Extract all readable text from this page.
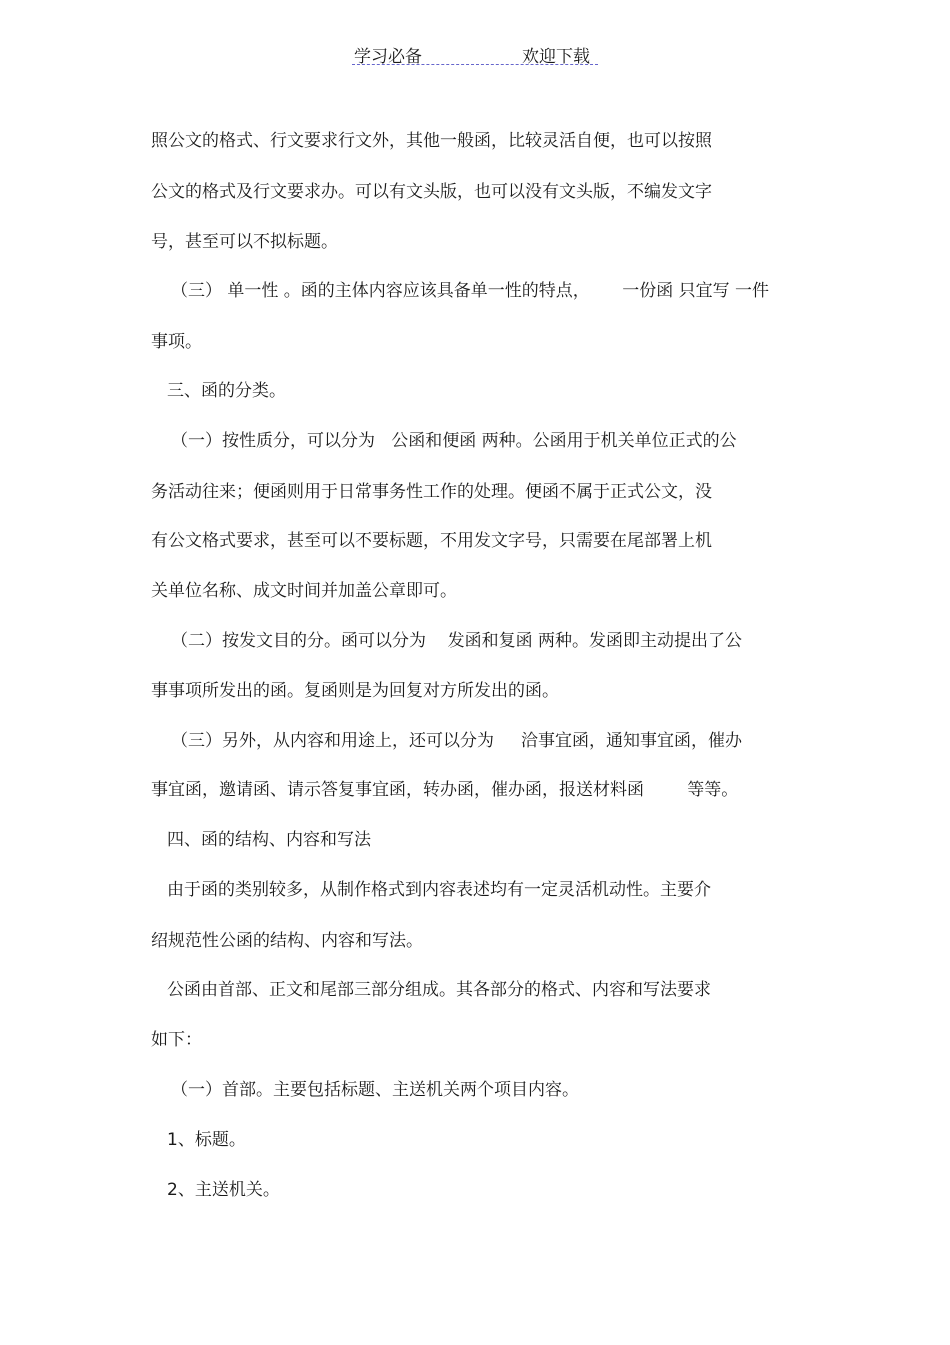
学习必备	欢迎下载
照公文的格式、行文要求行文外，其他一般函，比较灵活自便，也可以按照
公文的格式及行文要求办。可以有文头版，也可以没有文头版，不编发文字
号，甚至可以不拟标题。
（三） 单一性 。函的主体内容应该具备单一性的特点，      一份函 只宜写 一件
事项。
三、函的分类。
（一）按性质分，可以分为   公函和便函 两种。公函用于机关单位正式的公
务活动往来；便函则用于日常事务性工作的处理。便函不属于正式公文，没
有公文格式要求，甚至可以不要标题，不用发文字号，只需要在尾部署上机
关单位名称、成文时间并加盖公章即可。
（二）按发文目的分。函可以分为    发函和复函 两种。发函即主动提出了公
事事项所发出的函。复函则是为回复对方所发出的函。
（三）另外，从内容和用途上，还可以分为     洽事宜函，通知事宜函，催办
事宜函，邀请函、请示答复事宜函，转办函，催办函，报送材料函        等等。
四、函的结构、内容和写法
由于函的类别较多，从制作格式到内容表述均有一定灵活机动性。主要介
绍规范性公函的结构、内容和写法。
公函由首部、正文和尾部三部分组成。其各部分的格式、内容和写法要求
如下：
（一）首部。主要包括标题、主送机关两个项目内容。
1、标题。
2、主送机关。
